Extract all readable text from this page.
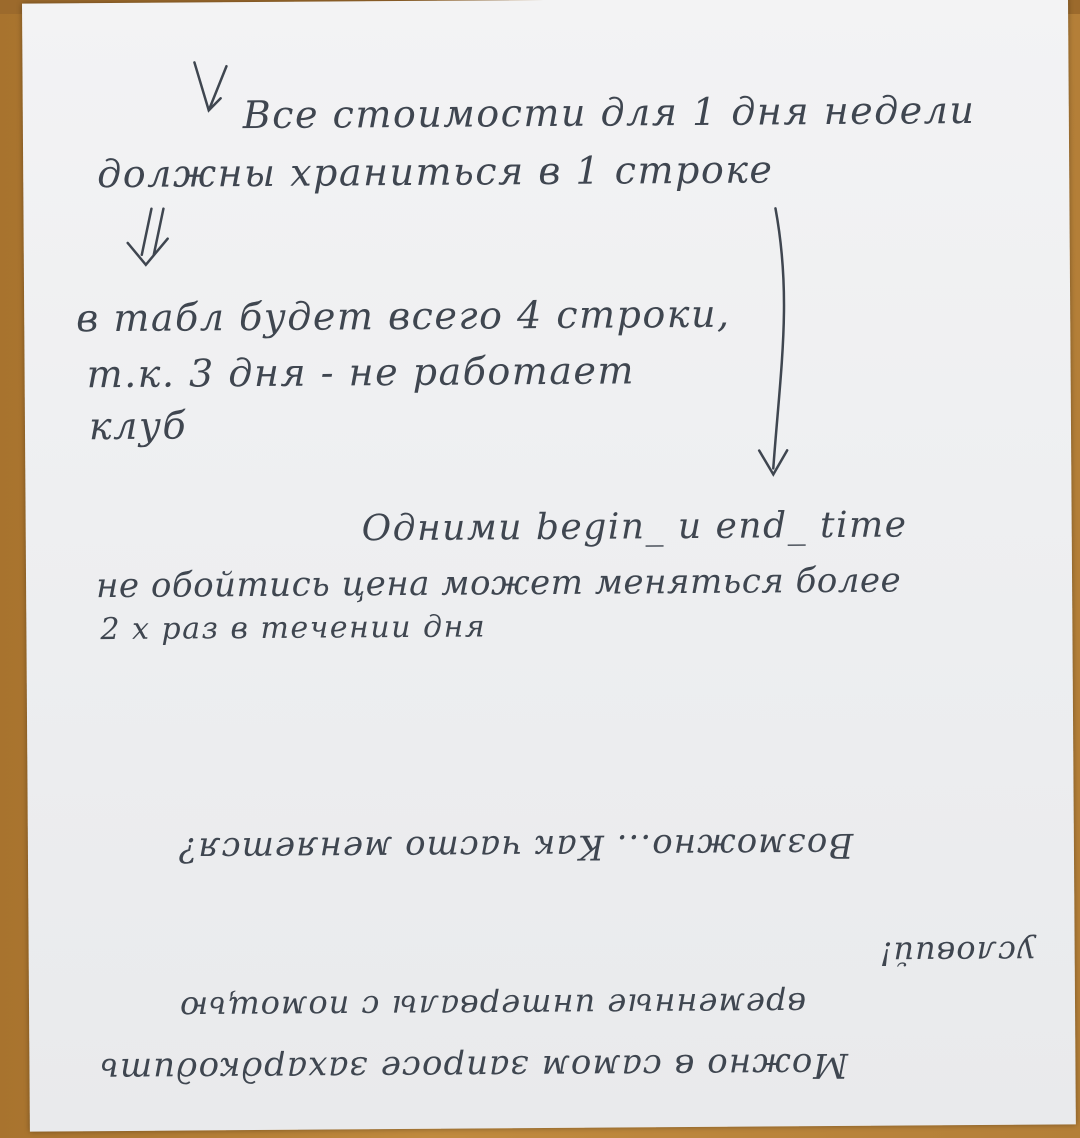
Все стоимости для 1 дня недели
должны храниться в 1 строке
в табл будет всего 4 строки,
т.к. 3 дня - не работает
клуб
Одними begin_ и end_ time
не обойтись цена может меняться более
2 х раз в течении дня
Возможно... Как часто меняется?
Можно в самом запросе захардкодить
временные интервалы с помощью
условий!
